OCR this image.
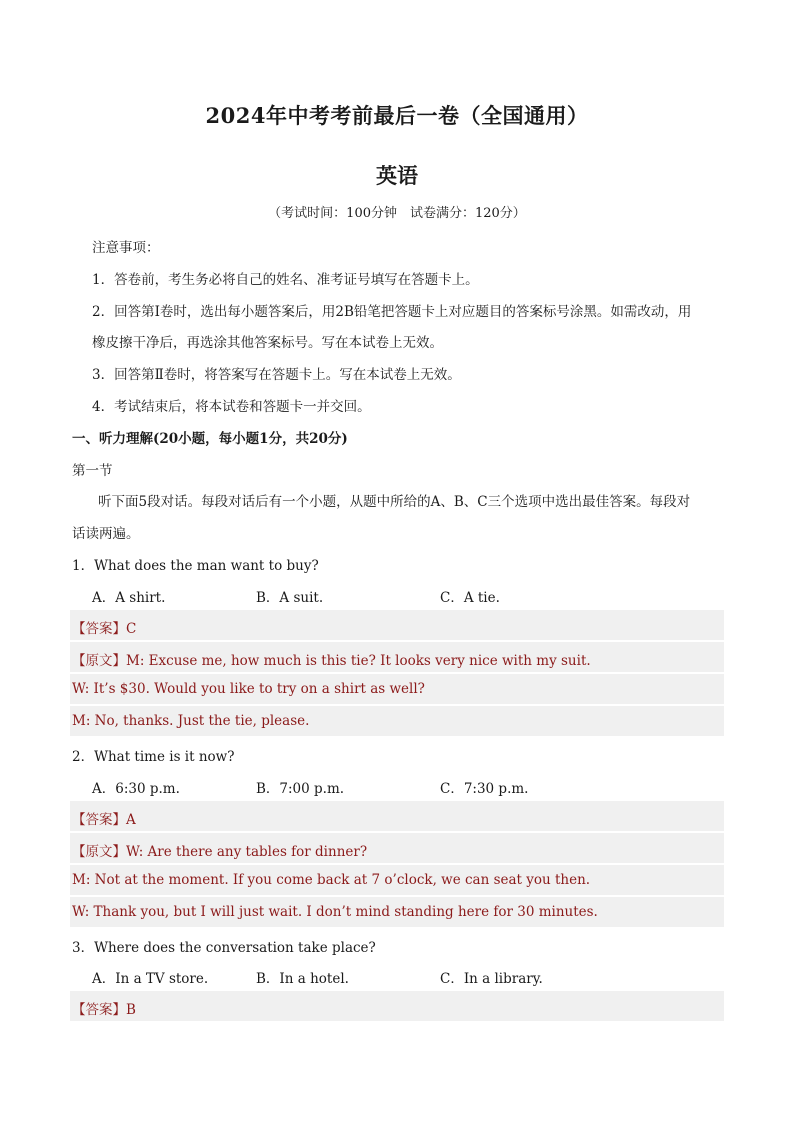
2024年中考考前最后一卷（全国通用）
英语
（考试时间：100分钟　试卷满分：120分）
注意事项：
1．答卷前，考生务必将自己的姓名、准考证号填写在答题卡上。
2．回答第Ⅰ卷时，选出每小题答案后，用2B铅笔把答题卡上对应题目的答案标号涂黑。如需改动，用
橡皮擦干净后，再选涂其他答案标号。写在本试卷上无效。
3．回答第Ⅱ卷时，将答案写在答题卡上。写在本试卷上无效。
4．考试结束后，将本试卷和答题卡一并交回。
一、听力理解(20小题，每小题1分，共20分)
第一节
听下面5段对话。每段对话后有一个小题，从题中所给的A、B、C三个选项中选出最佳答案。每段对
话读两遍。
1．What does the man want to buy?
A．A shirt.	B．A suit.	C．A tie.
【答案】C
【原文】M: Excuse me, how much is this tie? It looks very nice with my suit.
W: It’s $30. Would you like to try on a shirt as well?
M: No, thanks. Just the tie, please.
2．What time is it now?
A．6:30 p.m.	B．7:00 p.m.	C．7:30 p.m.
【答案】A
【原文】W: Are there any tables for dinner?
M: Not at the moment. If you come back at 7 o’clock, we can seat you then.
W: Thank you, but I will just wait. I don’t mind standing here for 30 minutes.
3．Where does the conversation take place?
A．In a TV store.	B．In a hotel.	C．In a library.
【答案】B
